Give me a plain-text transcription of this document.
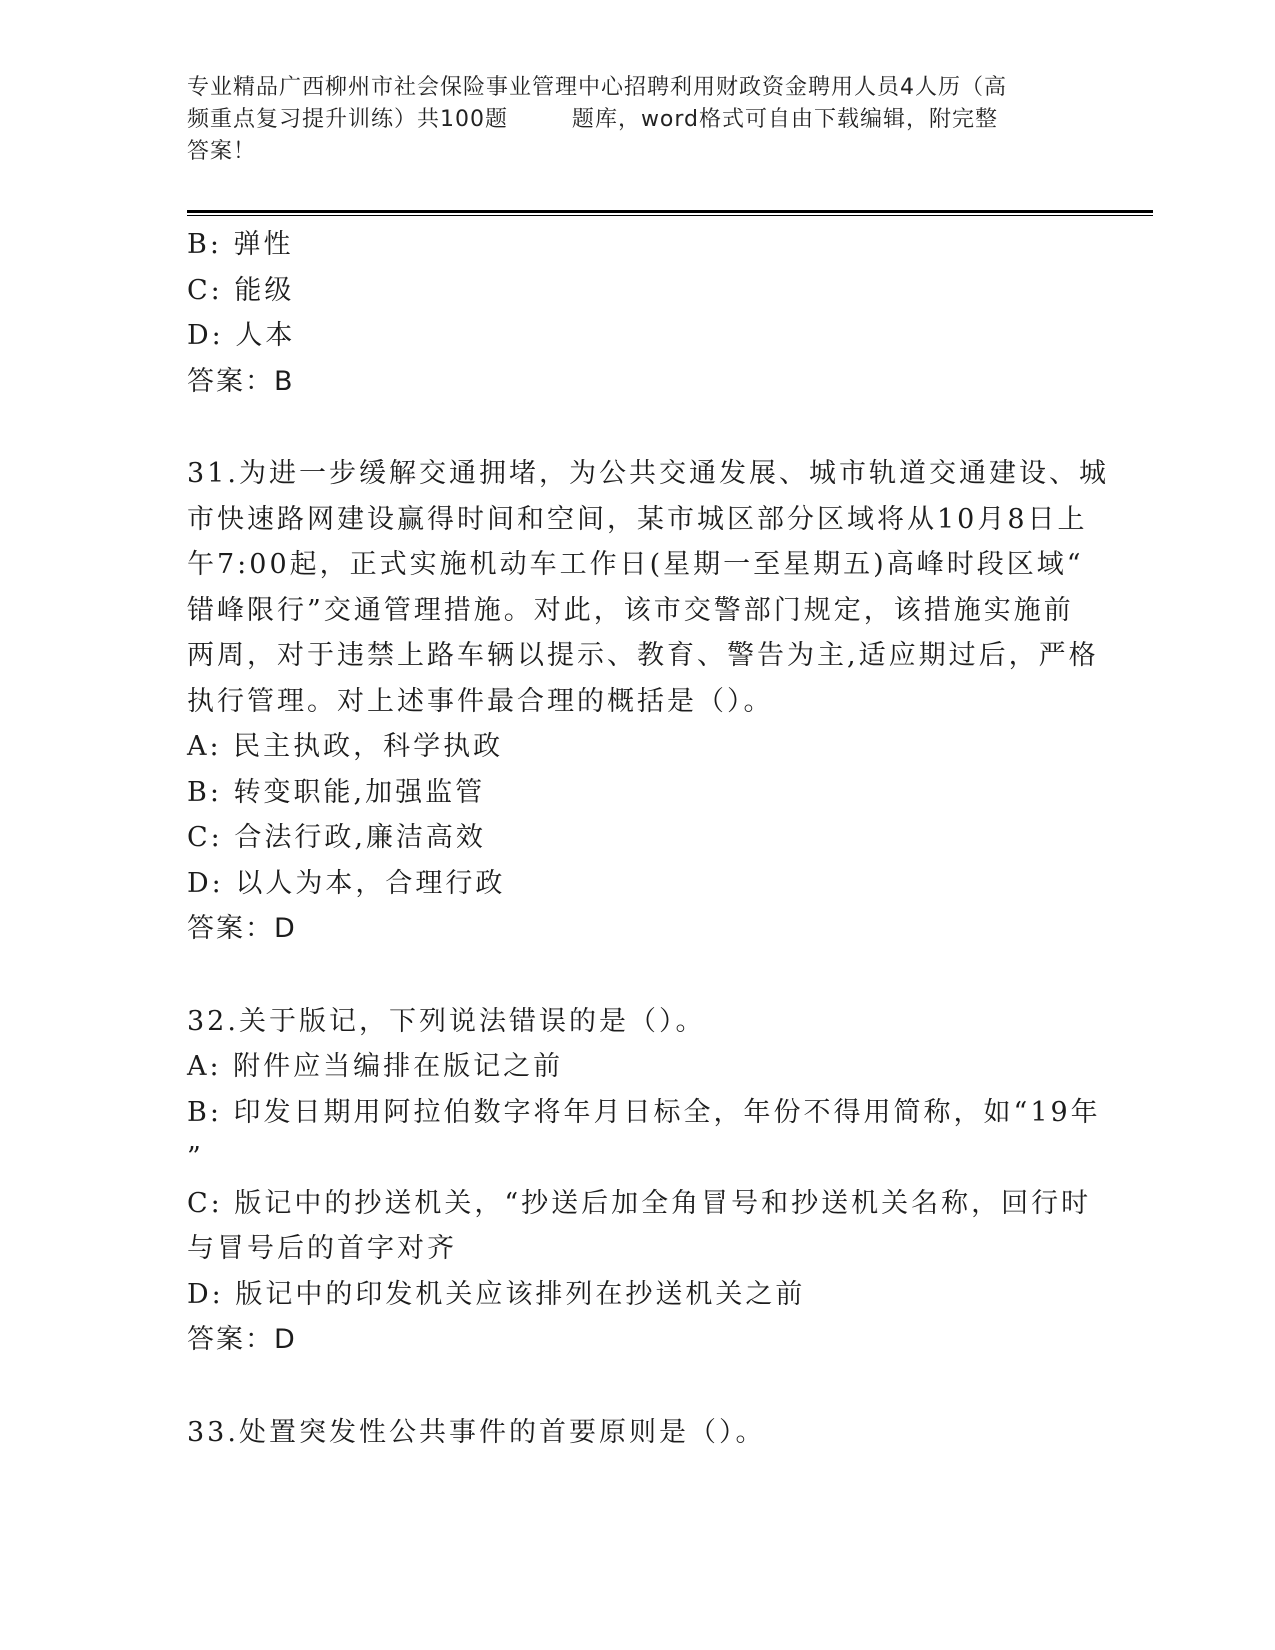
专业精品广西柳州市社会保险事业管理中心招聘利用财政资金聘用人员4人历（高
频重点复习提升训练）共100题        题库，word格式可自由下载编辑，附完整
答案！
B: 弹性
C: 能级
D: 人本
答案：B
31.为进一步缓解交通拥堵，为公共交通发展、城市轨道交通建设、城
市快速路网建设赢得时间和空间，某市城区部分区域将从10月8日上
午7:00起，正式实施机动车工作日(星期一至星期五)高峰时段区域“
错峰限行”交通管理措施。对此，该市交警部门规定，该措施实施前
两周，对于违禁上路车辆以提示、教育、警告为主,适应期过后，严格
执行管理。对上述事件最合理的概括是（）。
A: 民主执政，科学执政
B: 转变职能,加强监管
C: 合法行政,廉洁高效
D: 以人为本，合理行政
答案：D
32.关于版记，下列说法错误的是（）。
A: 附件应当编排在版记之前
B: 印发日期用阿拉伯数字将年月日标全，年份不得用简称，如“19年
”
C: 版记中的抄送机关，“抄送后加全角冒号和抄送机关名称，回行时
与冒号后的首字对齐
D: 版记中的印发机关应该排列在抄送机关之前
答案：D
33.处置突发性公共事件的首要原则是（）。
